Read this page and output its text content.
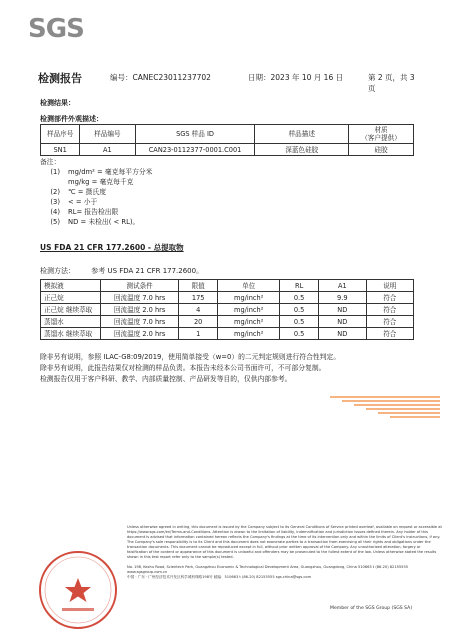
SGS
检测报告	编号：CANEC23011237702	日期：2023 年 10 月 16 日	第 2 页，共 3 页
检测结果：
检测部件外观描述：
样品序号	样品编号	SGS 样品 ID	样品描述	材质
（客户提供）
SN1	A1	CAN23-0112377-0001.C001	深蓝色硅胶	硅胶
备注：
(1)	mg/dm² = 毫克每平方分米
mg/kg = 毫克每千克
(2)	℃ = 摄氏度
(3)	< = 小于
(4)	RL= 报告检出限
(5)	ND = 未检出( < RL)。
US FDA 21 CFR 177.2600 - 总提取物
检测方法： 参考 US FDA 21 CFR 177.2600。
模拟液	测试条件	限值	单位	RL	A1	说明
正己烷	回流温度 7.0 hrs	175	mg/inch²	0.5	9.9	符合
正己烷 继续萃取	回流温度 2.0 hrs	4	mg/inch²	0.5	ND	符合
蒸馏水	回流温度 7.0 hrs	20	mg/inch²	0.5	ND	符合
蒸馏水 继续萃取	回流温度 2.0 hrs	1	mg/inch²	0.5	ND	符合
除非另有说明，参照 ILAC-G8:09/2019，使用简单接受（w=0）的二元判定规则进行符合性判定。
除非另有说明，此报告结果仅对检测的样品负责。本报告未经本公司书面许可，不可部分复制。
检测报告仅用于客户科研、教学、内部质量控制、产品研发等目的，仅供内部参考。
Unless otherwise agreed in writing, this document is issued by the Company subject to its General Conditions of Service printed overleaf, available on request or accessible at https://www.sgs.com/en/Terms-and-Conditions. Attention is drawn to the limitation of liability, indemnification and jurisdiction issues defined therein. Any holder of this document is advised that information contained hereon reflects the Company's findings at the time of its intervention only and within the limits of Client's instructions, if any. The Company's sole responsibility is to its Client and this document does not exonerate parties to a transaction from exercising all their rights and obligations under the transaction documents. This document cannot be reproduced except in full, without prior written approval of the Company. Any unauthorized alteration, forgery or falsification of the content or appearance of this document is unlawful and offenders may be prosecuted to the fullest extent of the law. Unless otherwise stated the results shown in this test report refer only to the sample(s) tested.
No. 198, Kezhu Road, Scientech Park, Guangzhou Economic & Technological Development Area, Guangzhou, Guangdong, China 510663 t (86-20) 82155555 www.sgsgroup.com.cn
中国 · 广东 · 广州经济技术开发区科学城科珠路198号 邮编：510663 t (86-20) 82155555 sgs.china@sgs.com
Member of the SGS Group (SGS SA)
